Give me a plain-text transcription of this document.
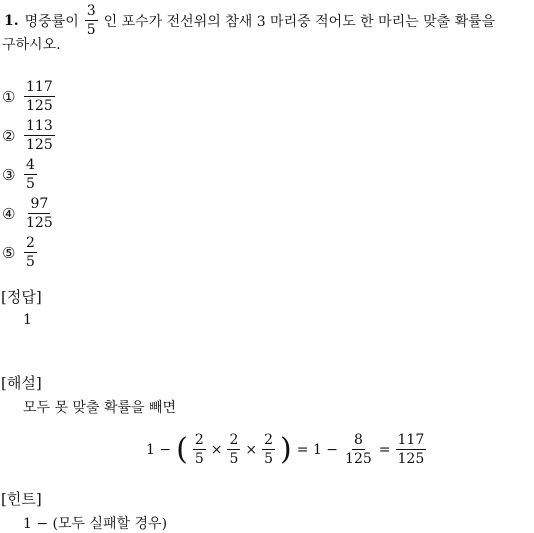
1. 명중률이 $\frac{3}{5}$ 인 포수가 전선위의 참새 3 마리중 적어도 한 마리는 맞출 확률을
구하시오.
① $\frac{117}{125}$
② $\frac{113}{125}$
③ $\frac{4}{5}$
④ $\frac{97}{125}$
⑤ $\frac{2}{5}$
[정답]
1
[해설]
모두 못 맞출 확률을 빼면
1 − ( $\frac{2}{5} \times \frac{2}{5} \times \frac{2}{5}$ ) = $1 - \frac{8}{125} = \frac{117}{125}$
[힌트]
1 − (모두 실패할 경우)
